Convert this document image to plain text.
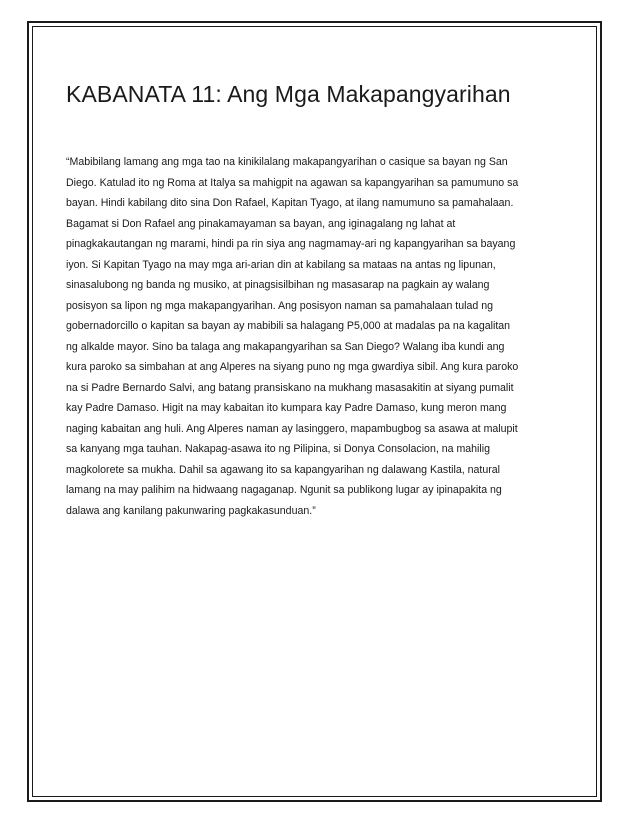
KABANATA 11: Ang Mga Makapangyarihan

“Mabibilang lamang ang mga tao na kinikilalang makapangyarihan o casique sa bayan ng San
Diego. Katulad ito ng Roma at Italya sa mahigpit na agawan sa kapangyarihan sa pamumuno sa
bayan. Hindi kabilang dito sina Don Rafael, Kapitan Tyago, at ilang namumuno sa pamahalaan.
Bagamat si Don Rafael ang pinakamayaman sa bayan, ang iginagalang ng lahat at
pinagkakautangan ng marami, hindi pa rin siya ang nagmamay-ari ng kapangyarihan sa bayang
iyon. Si Kapitan Tyago na may mga ari-arian din at kabilang sa mataas na antas ng lipunan,
sinasalubong ng banda ng musiko, at pinagsisilbihan ng masasarap na pagkain ay walang
posisyon sa lipon ng mga makapangyarihan. Ang posisyon naman sa pamahalaan tulad ng
gobernadorcillo o kapitan sa bayan ay mabibili sa halagang P5,000 at madalas pa na kagalitan
ng alkalde mayor. Sino ba talaga ang makapangyarihan sa San Diego? Walang iba kundi ang
kura paroko sa simbahan at ang Alperes na siyang puno ng mga gwardiya sibil. Ang kura paroko
na si Padre Bernardo Salvi, ang batang pransiskano na mukhang masasakitin at siyang pumalit
kay Padre Damaso. Higit na may kabaitan ito kumpara kay Padre Damaso, kung meron mang
naging kabaitan ang huli. Ang Alperes naman ay lasinggero, mapambugbog sa asawa at malupit
sa kanyang mga tauhan. Nakapag-asawa ito ng Pilipina, si Donya Consolacion, na mahilig
magkolorete sa mukha. Dahil sa agawang ito sa kapangyarihan ng dalawang Kastila, natural
lamang na may palihim na hidwaang nagaganap. Ngunit sa publikong lugar ay ipinapakita ng
dalawa ang kanilang pakunwaring pagkakasunduan.”
